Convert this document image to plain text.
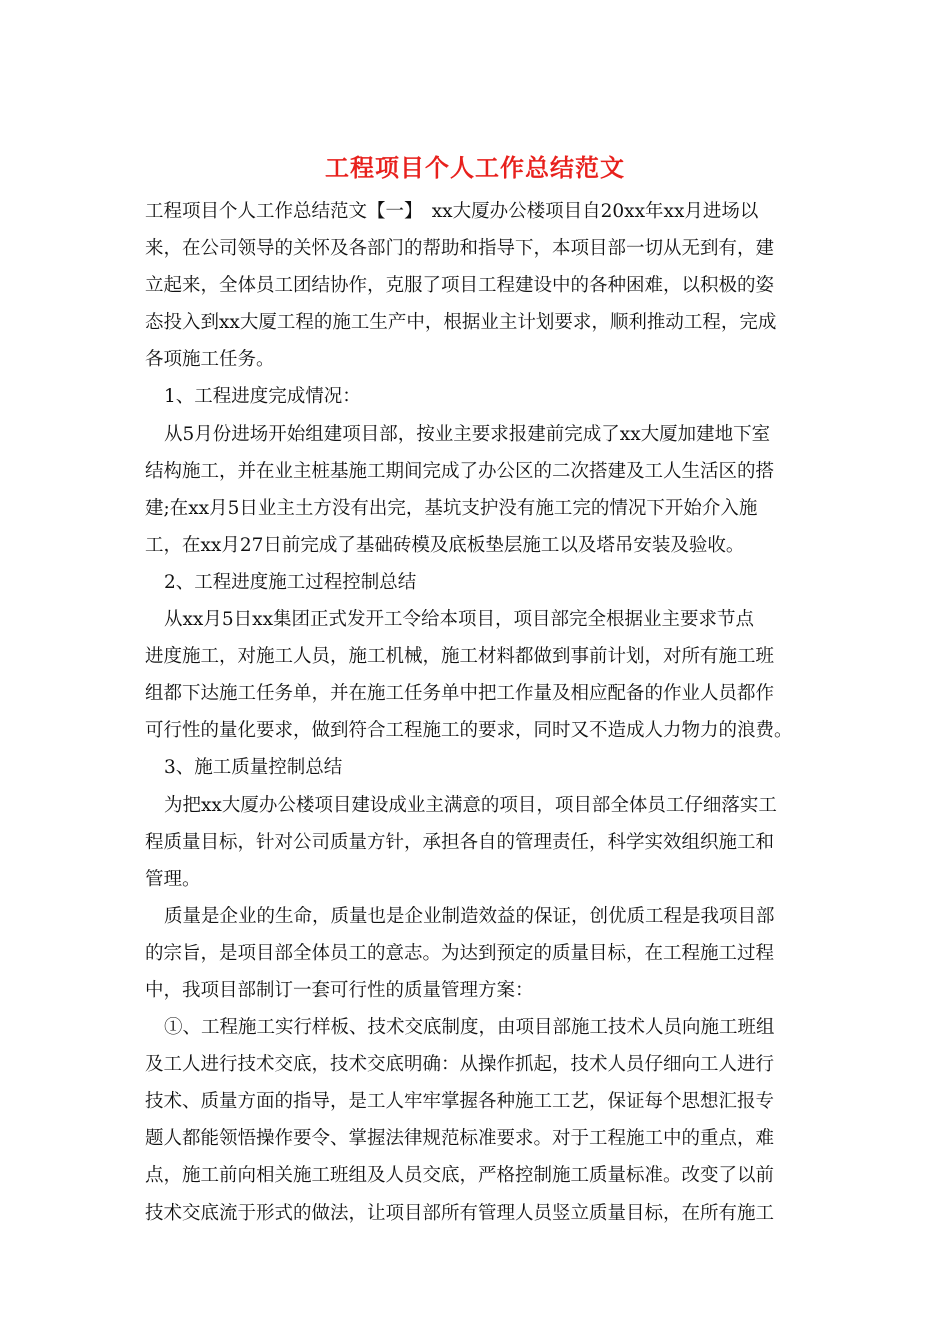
工程项目个人工作总结范文
工程项目个人工作总结范文【一】　xx大厦办公楼项目自20xx年xx月进场以
来，在公司领导的关怀及各部门的帮助和指导下，本项目部一切从无到有，建
立起来，全体员工团结协作，克服了项目工程建设中的各种困难，以积极的姿
态投入到xx大厦工程的施工生产中，根据业主计划要求，顺利推动工程，完成
各项施工任务。
1、工程进度完成情况：
从5月份进场开始组建项目部，按业主要求报建前完成了xx大厦加建地下室
结构施工，并在业主桩基施工期间完成了办公区的二次搭建及工人生活区的搭
建;在xx月5日业主土方没有出完，基坑支护没有施工完的情况下开始介入施
工，在xx月27日前完成了基础砖模及底板垫层施工以及塔吊安装及验收。
2、工程进度施工过程控制总结
从xx月5日xx集团正式发开工令给本项目，项目部完全根据业主要求节点
进度施工，对施工人员，施工机械，施工材料都做到事前计划，对所有施工班
组都下达施工任务单，并在施工任务单中把工作量及相应配备的作业人员都作
可行性的量化要求，做到符合工程施工的要求，同时又不造成人力物力的浪费。
3、施工质量控制总结
为把xx大厦办公楼项目建设成业主满意的项目，项目部全体员工仔细落实工
程质量目标，针对公司质量方针，承担各自的管理责任，科学实效组织施工和
管理。
质量是企业的生命，质量也是企业制造效益的保证，创优质工程是我项目部
的宗旨，是项目部全体员工的意志。为达到预定的质量目标，在工程施工过程
中，我项目部制订一套可行性的质量管理方案：
①、工程施工实行样板、技术交底制度，由项目部施工技术人员向施工班组
及工人进行技术交底，技术交底明确：从操作抓起，技术人员仔细向工人进行
技术、质量方面的指导，是工人牢牢掌握各种施工工艺，保证每个思想汇报专
题人都能领悟操作要令、掌握法律规范标准要求。对于工程施工中的重点，难
点，施工前向相关施工班组及人员交底，严格控制施工质量标准。改变了以前
技术交底流于形式的做法，让项目部所有管理人员竖立质量目标，在所有施工
